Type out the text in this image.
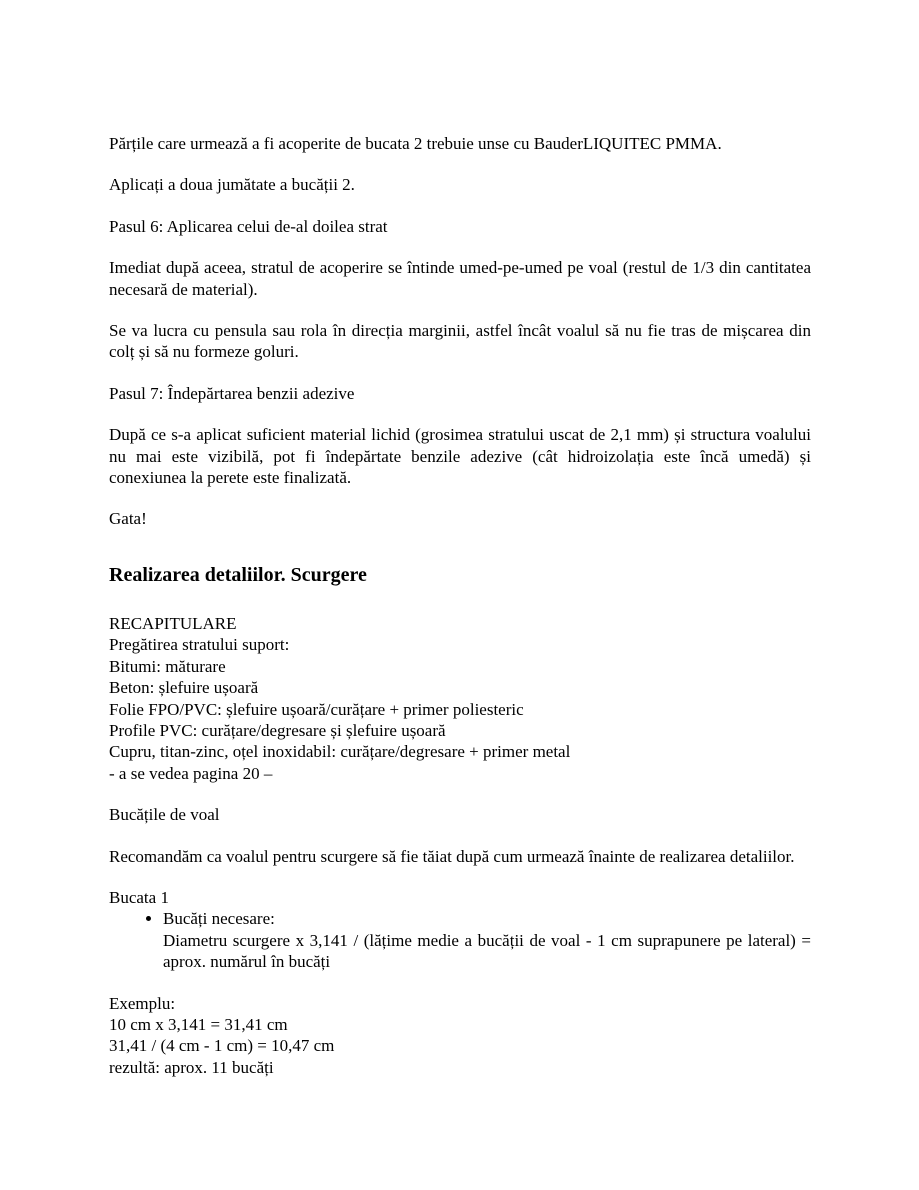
Părțile care urmează a fi acoperite de bucata 2 trebuie unse cu BauderLIQUITEC PMMA.

Aplicați a doua jumătate a bucății 2.

Pasul 6: Aplicarea celui de-al doilea strat

Imediat după aceea, stratul de acoperire se întinde umed-pe-umed pe voal (restul de 1/3 din cantitatea necesară de material).

Se va lucra cu pensula sau rola în direcția marginii, astfel încât voalul să nu fie tras de mișcarea din colț și să nu formeze goluri.

Pasul 7: Îndepărtarea benzii adezive

După ce s-a aplicat suficient material lichid (grosimea stratului uscat de 2,1 mm) și structura voalului nu mai este vizibilă, pot fi îndepărtate benzile adezive (cât hidroizolația este încă umedă) și conexiunea la perete este finalizată.

Gata!

Realizarea detaliilor. Scurgere
RECAPITULARE
Pregătirea stratului suport:
Bitumi: măturare
Beton: șlefuire ușoară
Folie FPO/PVC: șlefuire ușoară/curățare + primer poliesteric
Profile PVC: curățare/degresare și șlefuire ușoară
Cupru, titan-zinc, oțel inoxidabil: curățare/degresare + primer metal
- a se vedea pagina 20 –

Bucățile de voal

Recomandăm ca voalul pentru scurgere să fie tăiat după cum urmează înainte de realizarea detaliilor.

Bucata 1
• Bucăți necesare:
Diametru scurgere x 3,141 / (lățime medie a bucății de voal - 1 cm suprapunere pe lateral) = aprox. numărul în bucăți
Exemplu:
10 cm x 3,141 = 31,41 cm
31,41 / (4 cm - 1 cm) = 10,47 cm
rezultă: aprox. 11 bucăți
